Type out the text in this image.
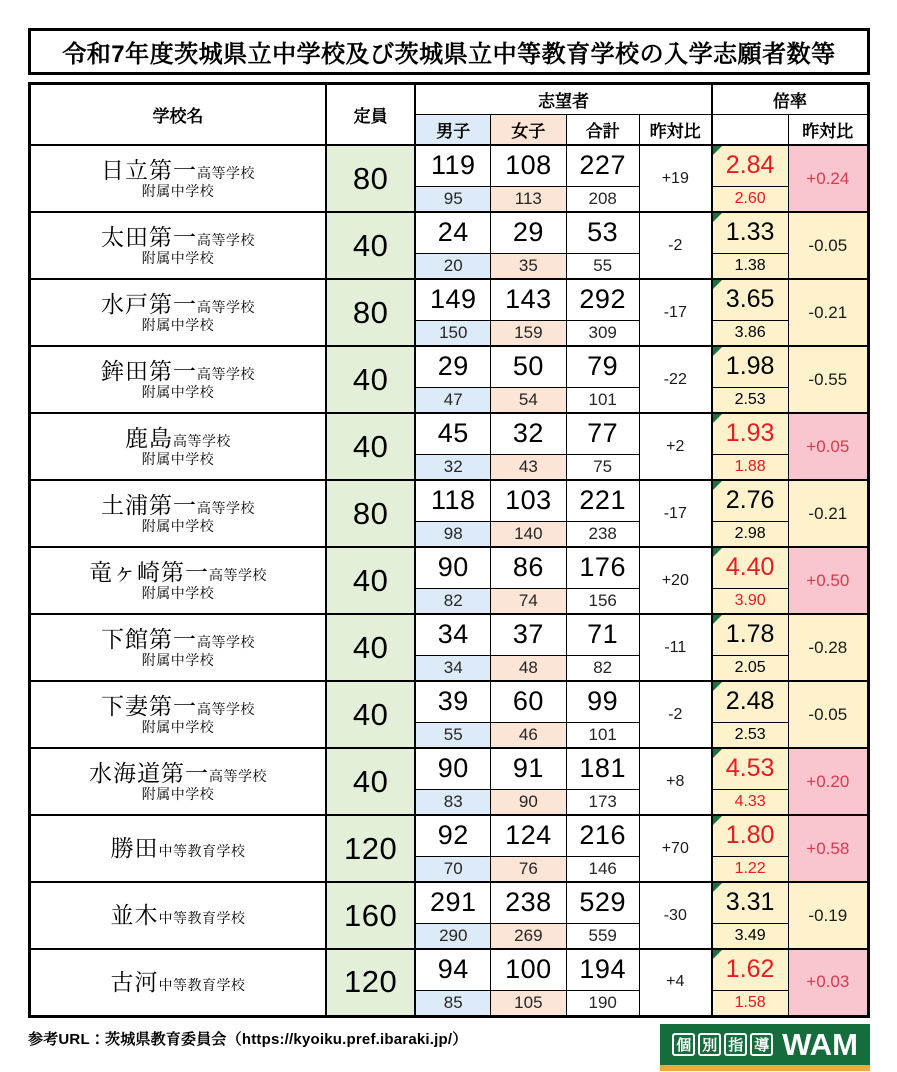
令和7年度茨城県立中学校及び茨城県立中等教育学校の入学志願者数等
学校名	定員	志望者				倍率	
		男子	女子	合計	昨対比		昨対比

日立第一高等学校
附属中学校	80	119	108	227	+19	2.84	+0.24
		95	113	208		2.60	

太田第一高等学校
附属中学校	40	24	29	53	-2	1.33	-0.05
		20	35	55		1.38	

水戸第一高等学校
附属中学校	80	149	143	292	-17	3.65	-0.21
		150	159	309		3.86	

鉾田第一高等学校
附属中学校	40	29	50	79	-22	1.98	-0.55
		47	54	101		2.53	

鹿島高等学校
附属中学校	40	45	32	77	+2	1.93	+0.05
		32	43	75		1.88	

土浦第一高等学校
附属中学校	80	118	103	221	-17	2.76	-0.21
		98	140	238		2.98	

竜ヶ崎第一高等学校
附属中学校	40	90	86	176	+20	4.40	+0.50
		82	74	156		3.90	

下館第一高等学校
附属中学校	40	34	37	71	-11	1.78	-0.28
		34	48	82		2.05	

下妻第一高等学校
附属中学校	40	39	60	99	-2	2.48	-0.05
		55	46	101		2.53	

水海道第一高等学校
附属中学校	40	90	91	181	+8	4.53	+0.20
		83	90	173		4.33	

勝田中等教育学校	120	92	124	216	+70	1.80	+0.58
		70	76	146		1.22	

並木中等教育学校	160	291	238	529	-30	3.31	-0.19
		290	269	559		3.49	

古河中等教育学校	120	94	100	194	+4	1.62	+0.03
		85	105	190		1.58	
参考URL：茨城県教育委員会（https://kyoiku.pref.ibaraki.jp/）	個 別 指 導 WAM
